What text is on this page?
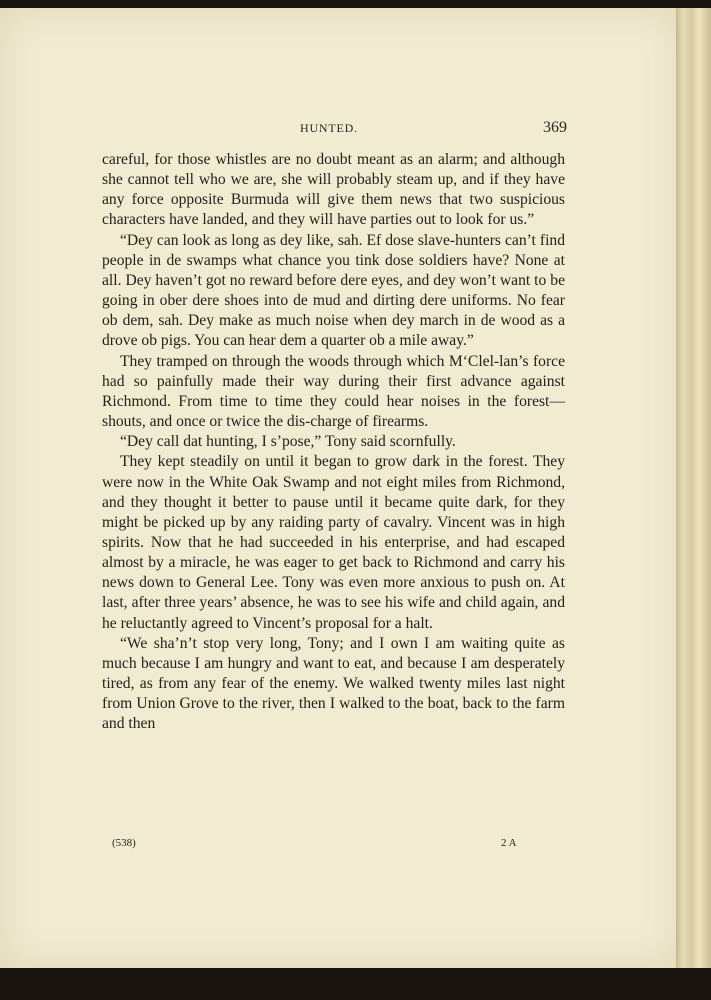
HUNTED.	369

careful, for those whistles are no doubt meant as an alarm; and although she cannot tell who we are, she will probably steam up, and if they have any force opposite Burmuda will give them news that two suspicious characters have landed, and they will have parties out to look for us.”

“Dey can look as long as dey like, sah. Ef dose slave-hunters can’t find people in de swamps what chance you tink dose soldiers have? None at all. Dey haven’t got no reward before dere eyes, and dey won’t want to be going in ober dere shoes into de mud and dirting dere uniforms. No fear ob dem, sah. Dey make as much noise when dey march in de wood as a drove ob pigs. You can hear dem a quarter ob a mile away.”

They tramped on through the woods through which M‘Clel-lan’s force had so painfully made their way during their first advance against Richmond. From time to time they could hear noises in the forest—shouts, and once or twice the dis-charge of firearms.

“Dey call dat hunting, I s’pose,” Tony said scornfully.

They kept steadily on until it began to grow dark in the forest. They were now in the White Oak Swamp and not eight miles from Richmond, and they thought it better to pause until it became quite dark, for they might be picked up by any raiding party of cavalry. Vincent was in high spirits. Now that he had succeeded in his enterprise, and had escaped almost by a miracle, he was eager to get back to Richmond and carry his news down to General Lee. Tony was even more anxious to push on. At last, after three years’ absence, he was to see his wife and child again, and he reluctantly agreed to Vincent’s proposal for a halt.

“We sha’n’t stop very long, Tony; and I own I am waiting quite as much because I am hungry and want to eat, and because I am desperately tired, as from any fear of the enemy. We walked twenty miles last night from Union Grove to the river, then I walked to the boat, back to the farm and then

(538)	2 A
